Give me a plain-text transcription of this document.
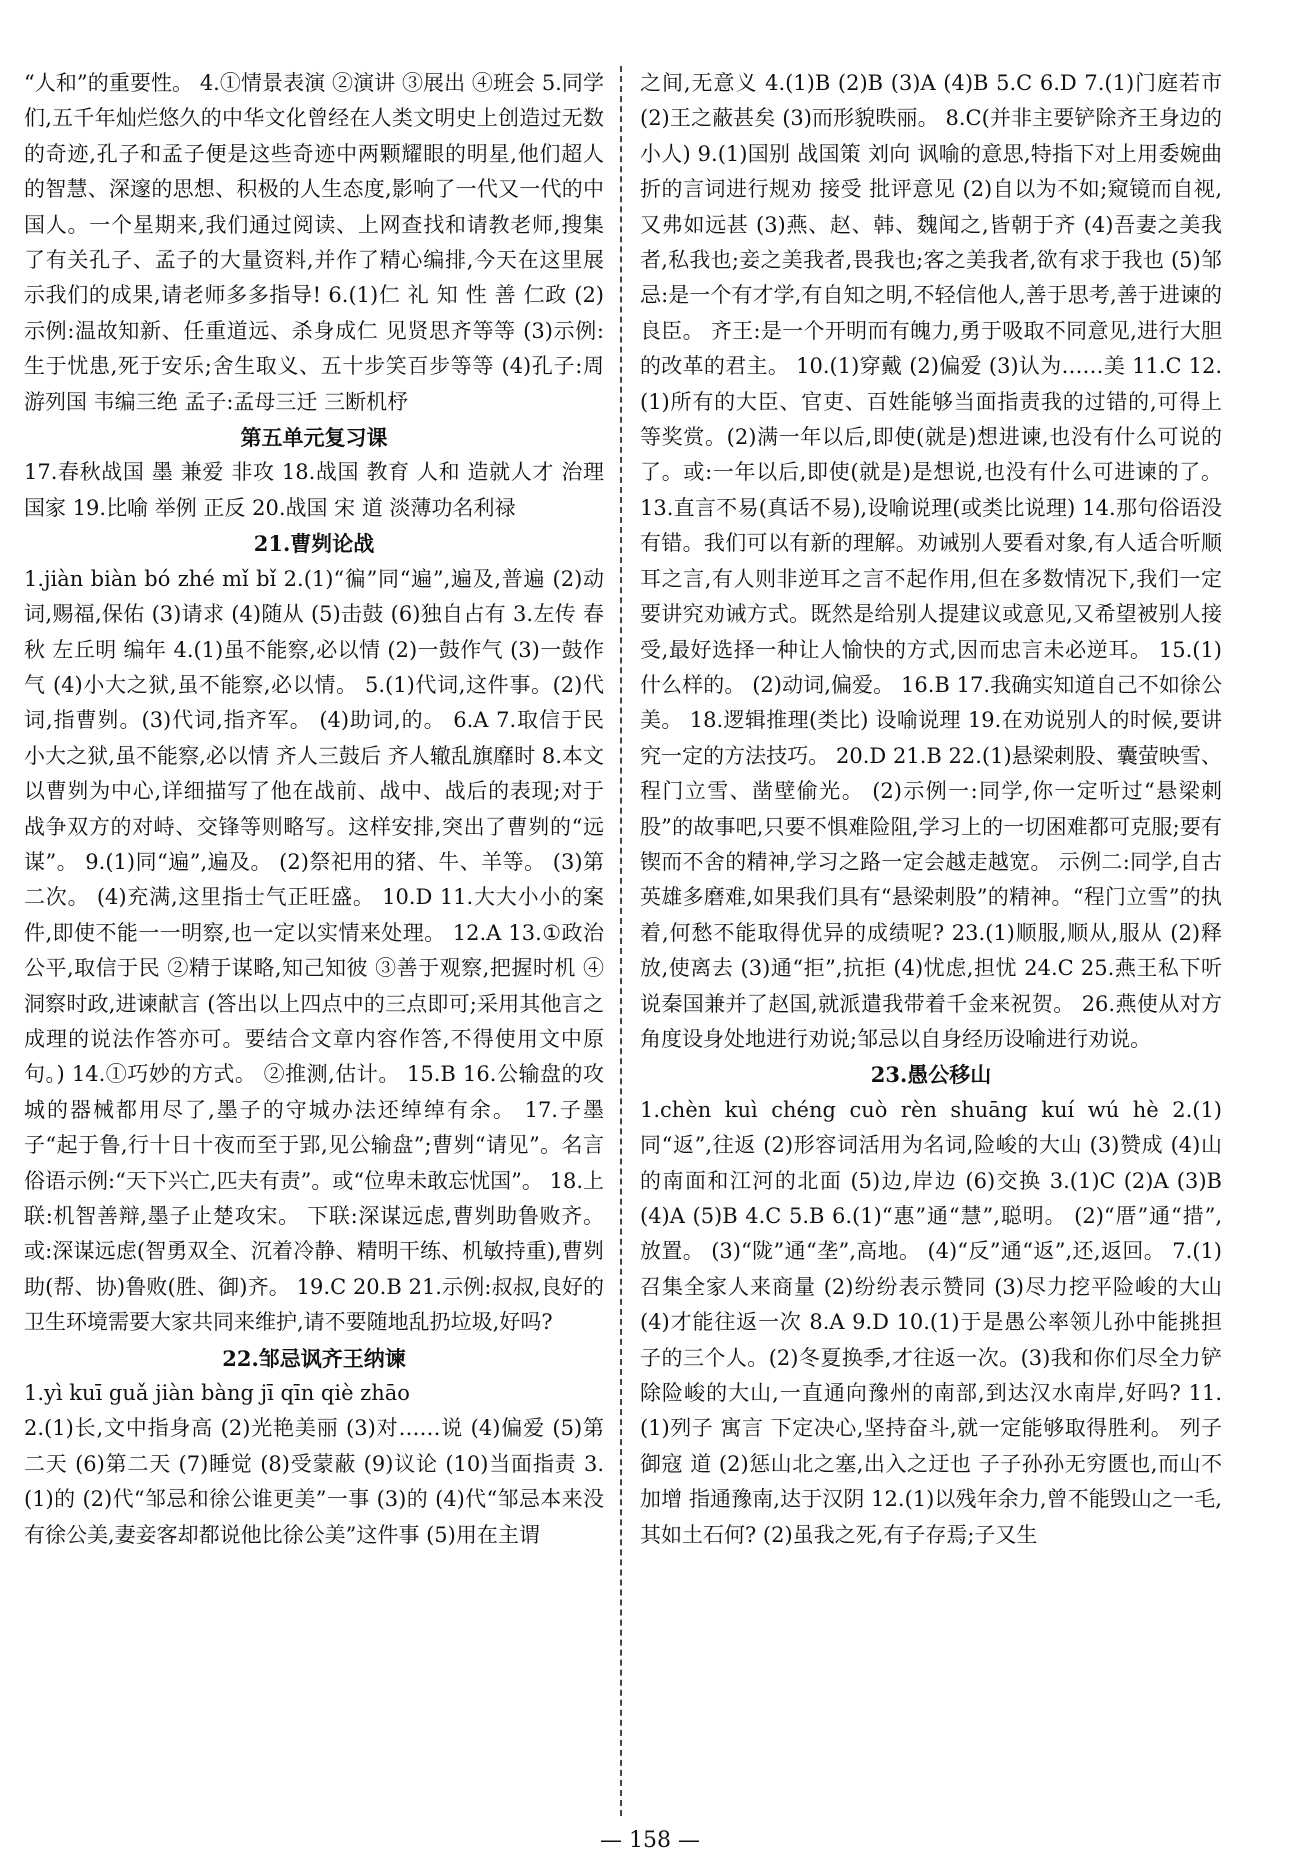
“人和”的重要性。 4.①情景表演 ②演讲 ③展出 ④班会 5.同学们,五千年灿烂悠久的中华文化曾经在人类文明史上创造过无数的奇迹,孔子和孟子便是这些奇迹中两颗耀眼的明星,他们超人的智慧、深邃的思想、积极的人生态度,影响了一代又一代的中国人。一个星期来,我们通过阅读、上网查找和请教老师,搜集了有关孔子、孟子的大量资料,并作了精心编排,今天在这里展示我们的成果,请老师多多指导! 6.(1)仁 礼 知 性 善 仁政 (2)示例:温故知新、任重道远、杀身成仁 见贤思齐等等 (3)示例:生于忧患,死于安乐;舍生取义、五十步笑百步等等 (4)孔子:周游列国 韦编三绝 孟子:孟母三迁 三断机杼

第五单元复习课

17.春秋战国 墨 兼爱 非攻 18.战国 教育 人和 造就人才 治理国家 19.比喻 举例 正反 20.战国 宋 道 淡薄功名利禄

21.曹刿论战

1.jiàn biàn bó zhé mǐ bǐ 2.(1)“徧”同“遍”,遍及,普遍 (2)动词,赐福,保佑 (3)请求 (4)随从 (5)击鼓 (6)独自占有 3.左传 春秋 左丘明 编年 4.(1)虽不能察,必以情 (2)一鼓作气 (3)一鼓作气 (4)小大之狱,虽不能察,必以情。 5.(1)代词,这件事。(2)代词,指曹刿。(3)代词,指齐军。 (4)助词,的。 6.A 7.取信于民 小大之狱,虽不能察,必以情 齐人三鼓后 齐人辙乱旗靡时 8.本文以曹刿为中心,详细描写了他在战前、战中、战后的表现;对于战争双方的对峙、交锋等则略写。这样安排,突出了曹刿的“远谋”。 9.(1)同“遍”,遍及。 (2)祭祀用的猪、牛、羊等。 (3)第二次。 (4)充满,这里指士气正旺盛。 10.D 11.大大小小的案件,即使不能一一明察,也一定以实情来处理。 12.A 13.①政治公平,取信于民 ②精于谋略,知己知彼 ③善于观察,把握时机 ④洞察时政,进谏献言 (答出以上四点中的三点即可;采用其他言之成理的说法作答亦可。要结合文章内容作答,不得使用文中原句。) 14.①巧妙的方式。 ②推测,估计。 15.B 16.公输盘的攻城的器械都用尽了,墨子的守城办法还绰绰有余。 17.子墨子“起于鲁,行十日十夜而至于郢,见公输盘”;曹刿“请见”。名言俗语示例:“天下兴亡,匹夫有责”。或“位卑未敢忘忧国”。 18.上联:机智善辩,墨子止楚攻宋。 下联:深谋远虑,曹刿助鲁败齐。 或:深谋远虑(智勇双全、沉着冷静、精明干练、机敏持重),曹刿助(帮、协)鲁败(胜、御)齐。 19.C 20.B 21.示例:叔叔,良好的卫生环境需要大家共同来维护,请不要随地乱扔垃圾,好吗?

22.邹忌讽齐王纳谏

1.yì kuī guǎ jiàn bàng jī qīn qiè zhāo
2.(1)长,文中指身高 (2)光艳美丽 (3)对……说 (4)偏爱 (5)第二天 (6)第二天 (7)睡觉 (8)受蒙蔽 (9)议论 (10)当面指责 3.(1)的 (2)代“邹忌和徐公谁更美”一事 (3)的 (4)代“邹忌本来没有徐公美,妻妾客却都说他比徐公美”这件事 (5)用在主谓

之间,无意义 4.(1)B (2)B (3)A (4)B 5.C 6.D 7.(1)门庭若市 (2)王之蔽甚矣 (3)而形貌昳丽。 8.C(并非主要铲除齐王身边的小人) 9.(1)国别 战国策 刘向 讽喻的意思,特指下对上用委婉曲折的言词进行规劝 接受 批评意见 (2)自以为不如;窥镜而自视,又弗如远甚 (3)燕、赵、韩、魏闻之,皆朝于齐 (4)吾妻之美我者,私我也;妾之美我者,畏我也;客之美我者,欲有求于我也 (5)邹忌:是一个有才学,有自知之明,不轻信他人,善于思考,善于进谏的良臣。 齐王:是一个开明而有魄力,勇于吸取不同意见,进行大胆的改革的君主。 10.(1)穿戴 (2)偏爱 (3)认为……美 11.C 12.(1)所有的大臣、官吏、百姓能够当面指责我的过错的,可得上等奖赏。(2)满一年以后,即使(就是)想进谏,也没有什么可说的了。或:一年以后,即使(就是)是想说,也没有什么可进谏的了。 13.直言不易(真话不易),设喻说理(或类比说理) 14.那句俗语没有错。我们可以有新的理解。劝诫别人要看对象,有人适合听顺耳之言,有人则非逆耳之言不起作用,但在多数情况下,我们一定要讲究劝诫方式。既然是给别人提建议或意见,又希望被别人接受,最好选择一种让人愉快的方式,因而忠言未必逆耳。 15.(1)什么样的。 (2)动词,偏爱。 16.B 17.我确实知道自己不如徐公美。 18.逻辑推理(类比) 设喻说理 19.在劝说别人的时候,要讲究一定的方法技巧。 20.D 21.B 22.(1)悬梁刺股、囊萤映雪、程门立雪、凿壁偷光。 (2)示例一:同学,你一定听过“悬梁刺股”的故事吧,只要不惧难险阻,学习上的一切困难都可克服;要有锲而不舍的精神,学习之路一定会越走越宽。 示例二:同学,自古英雄多磨难,如果我们具有“悬梁刺股”的精神。“程门立雪”的执着,何愁不能取得优异的成绩呢? 23.(1)顺服,顺从,服从 (2)释放,使离去 (3)通“拒”,抗拒 (4)忧虑,担忧 24.C 25.燕王私下听说秦国兼并了赵国,就派遣我带着千金来祝贺。 26.燕使从对方角度设身处地进行劝说;邹忌以自身经历设喻进行劝说。

23.愚公移山

1.chèn kuì chéng cuò rèn shuāng kuí wú hè 2.(1)同“返”,往返 (2)形容词活用为名词,险峻的大山 (3)赞成 (4)山的南面和江河的北面 (5)边,岸边 (6)交换 3.(1)C (2)A (3)B (4)A (5)B 4.C 5.B 6.(1)“惠”通“慧”,聪明。 (2)“厝”通“措”,放置。 (3)“陇”通“垄”,高地。 (4)“反”通“返”,还,返回。 7.(1)召集全家人来商量 (2)纷纷表示赞同 (3)尽力挖平险峻的大山 (4)才能往返一次 8.A 9.D 10.(1)于是愚公率领儿孙中能挑担子的三个人。(2)冬夏换季,才往返一次。(3)我和你们尽全力铲除险峻的大山,一直通向豫州的南部,到达汉水南岸,好吗? 11.(1)列子 寓言 下定决心,坚持奋斗,就一定能够取得胜利。 列子 御寇 道 (2)惩山北之塞,出入之迂也 子子孙孙无穷匮也,而山不加增 指通豫南,达于汉阴 12.(1)以残年余力,曾不能毁山之一毛,其如土石何? (2)虽我之死,有子存焉;子又生

— 158 —
